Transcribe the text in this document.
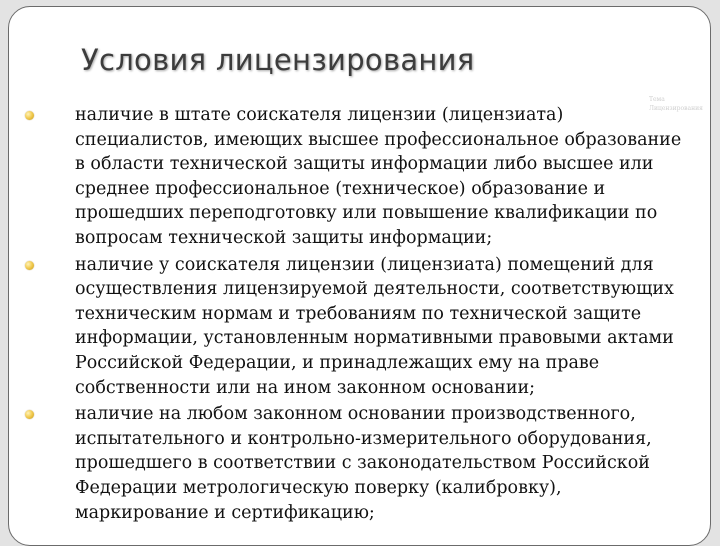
Условия лицензирования
Тема
Лицензирования
наличие в штате соискателя лицензии (лицензиата)
специалистов, имеющих высшее профессиональное образование
в области технической защиты информации либо высшее или
среднее профессиональное (техническое) образование и
прошедших переподготовку или повышение квалификации по
вопросам технической защиты информации;
наличие у соискателя лицензии (лицензиата) помещений для
осуществления лицензируемой деятельности, соответствующих
техническим нормам и требованиям по технической защите
информации, установленным нормативными правовыми актами
Российской Федерации, и принадлежащих ему на праве
собственности или на ином законном основании;
наличие на любом законном основании производственного,
испытательного и контрольно-измерительного оборудования,
прошедшего в соответствии с законодательством Российской
Федерации метрологическую поверку (калибровку),
маркирование и сертификацию;
